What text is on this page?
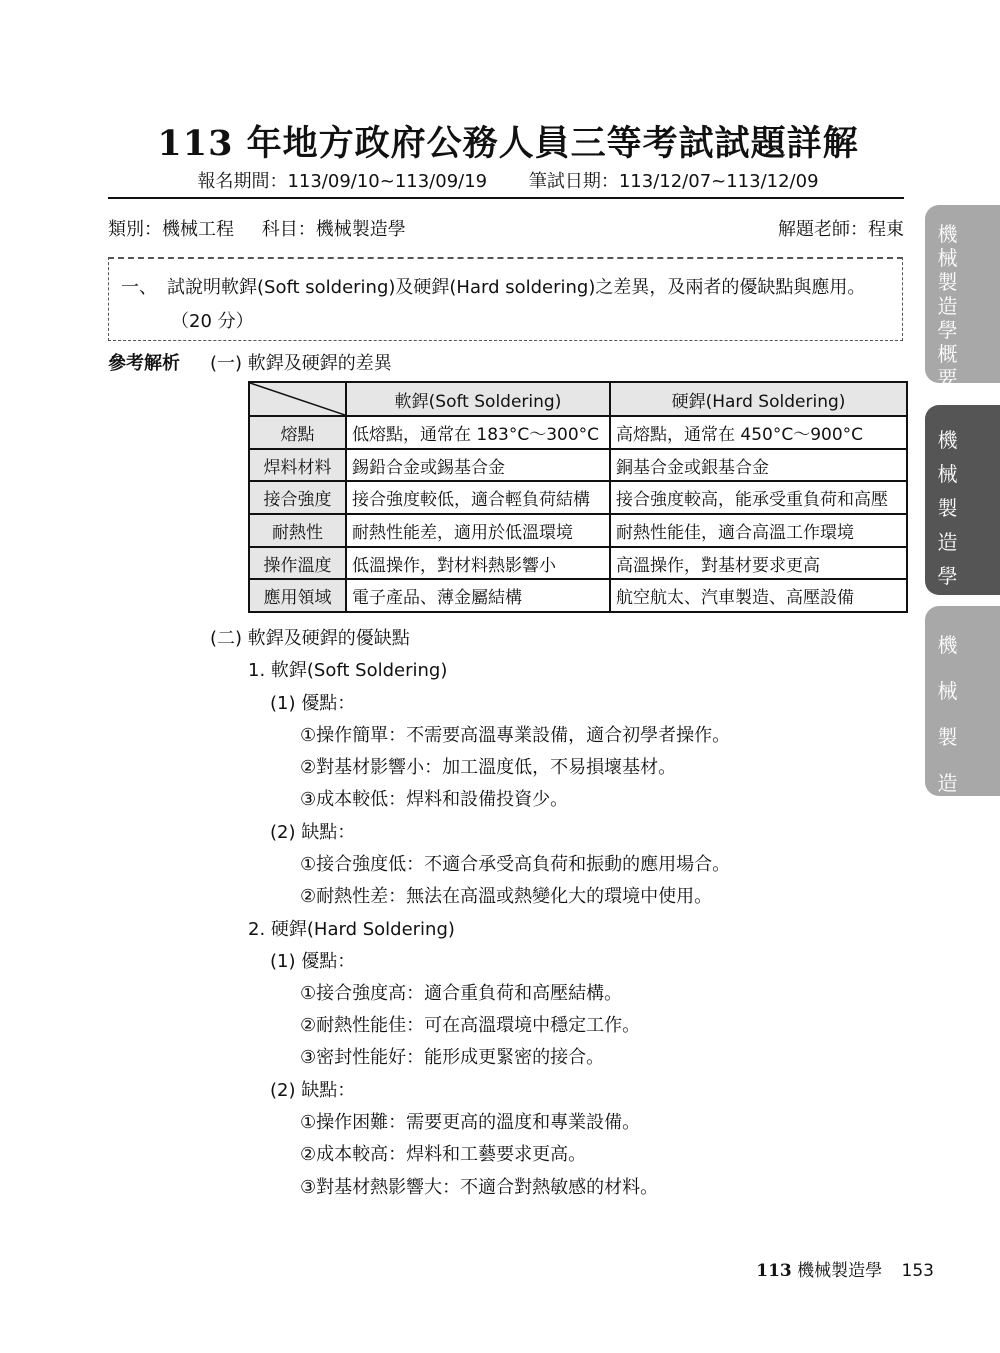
113 年地方政府公務人員三等考試試題詳解
報名期間：113/09/10~113/09/19 筆試日期：113/12/07~113/12/09
類別：機械工程 科目：機械製造學	解題老師：程東
一、 試說明軟銲(Soft soldering)及硬銲(Hard soldering)之差異，及兩者的優缺點與應用。
（20 分）
參考解析 (一) 軟銲及硬銲的差異
	軟銲(Soft Soldering)	硬銲(Hard Soldering)
熔點	低熔點，通常在 183°C～300°C	高熔點，通常在 450°C～900°C
焊料材料	錫鉛合金或錫基合金	銅基合金或銀基合金
接合強度	接合強度較低，適合輕負荷結構	接合強度較高，能承受重負荷和高壓
耐熱性	耐熱性能差，適用於低溫環境	耐熱性能佳，適合高溫工作環境
操作溫度	低溫操作，對材料熱影響小	高溫操作，對基材要求更高
應用領域	電子產品、薄金屬結構	航空航太、汽車製造、高壓設備
(二) 軟銲及硬銲的優缺點
1. 軟銲(Soft Soldering)
(1) 優點：
①操作簡單：不需要高溫專業設備，適合初學者操作。
②對基材影響小：加工溫度低，不易損壞基材。
③成本較低：焊料和設備投資少。
(2) 缺點：
①接合強度低：不適合承受高負荷和振動的應用場合。
②耐熱性差：無法在高溫或熱變化大的環境中使用。
2. 硬銲(Hard Soldering)
(1) 優點：
①接合強度高：適合重負荷和高壓結構。
②耐熱性能佳：可在高溫環境中穩定工作。
③密封性能好：能形成更緊密的接合。
(2) 缺點：
①操作困難：需要更高的溫度和專業設備。
②成本較高：焊料和工藝要求更高。
③對基材熱影響大：不適合對熱敏感的材料。
113 機械製造學 153
機
械
製
造
學
概
要
機
械
製
造
學
機
械
製
造
